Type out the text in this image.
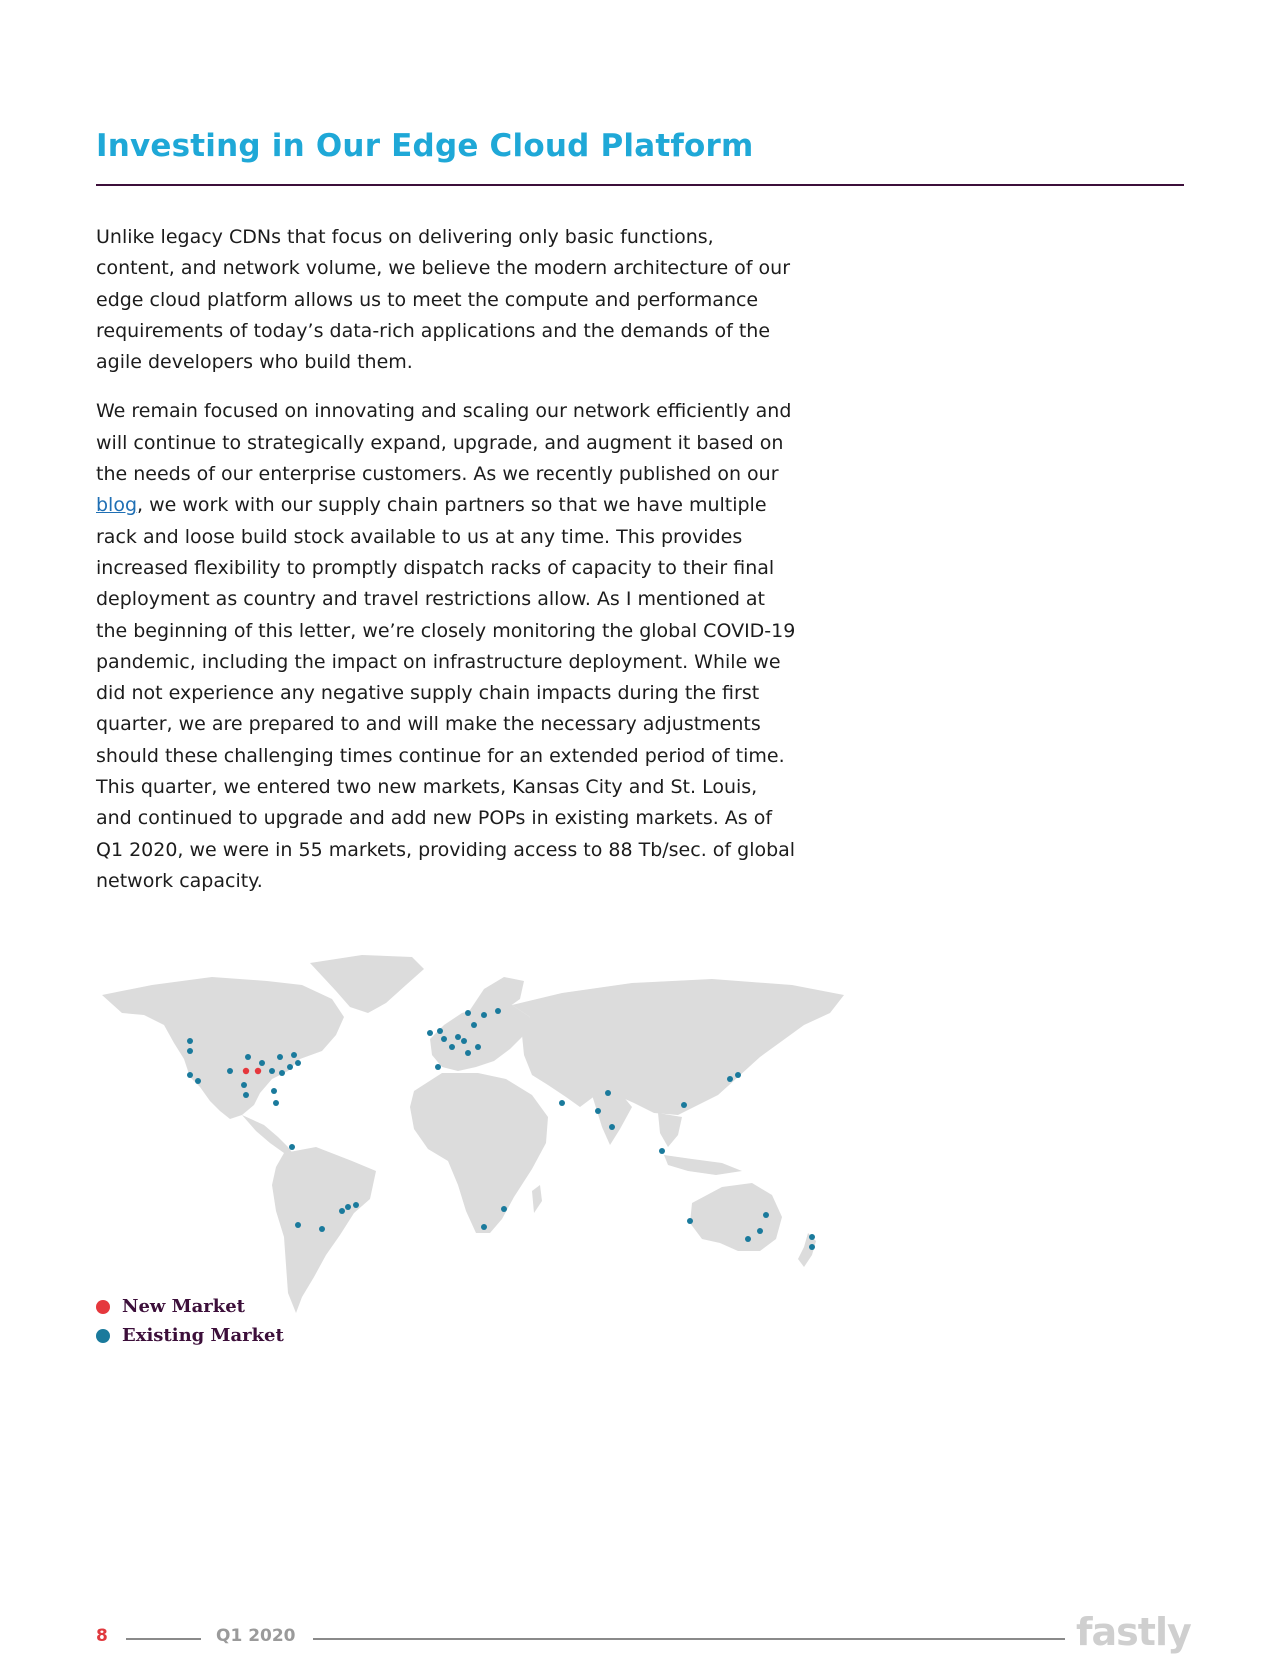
Investing in Our Edge Cloud Platform

Unlike legacy CDNs that focus on delivering only basic functions, content, and network volume, we believe the modern architecture of our edge cloud platform allows us to meet the compute and performance requirements of today’s data-rich applications and the demands of the agile developers who build them.

We remain focused on innovating and scaling our network efficiently and will continue to strategically expand, upgrade, and augment it based on the needs of our enterprise customers. As we recently published on our blog, we work with our supply chain partners so that we have multiple rack and loose build stock available to us at any time. This provides increased flexibility to promptly dispatch racks of capacity to their final deployment as country and travel restrictions allow. As I mentioned at the beginning of this letter, we’re closely monitoring the global COVID-19 pandemic, including the impact on infrastructure deployment. While we did not experience any negative supply chain impacts during the first quarter, we are prepared to and will make the necessary adjustments should these challenging times continue for an extended period of time. This quarter, we entered two new markets, Kansas City and St. Louis, and continued to upgrade and add new POPs in existing markets. As of Q1 2020, we were in 55 markets, providing access to 88 Tb/sec. of global network capacity.

New Market
Existing Market
8	Q1 2020	fastly
